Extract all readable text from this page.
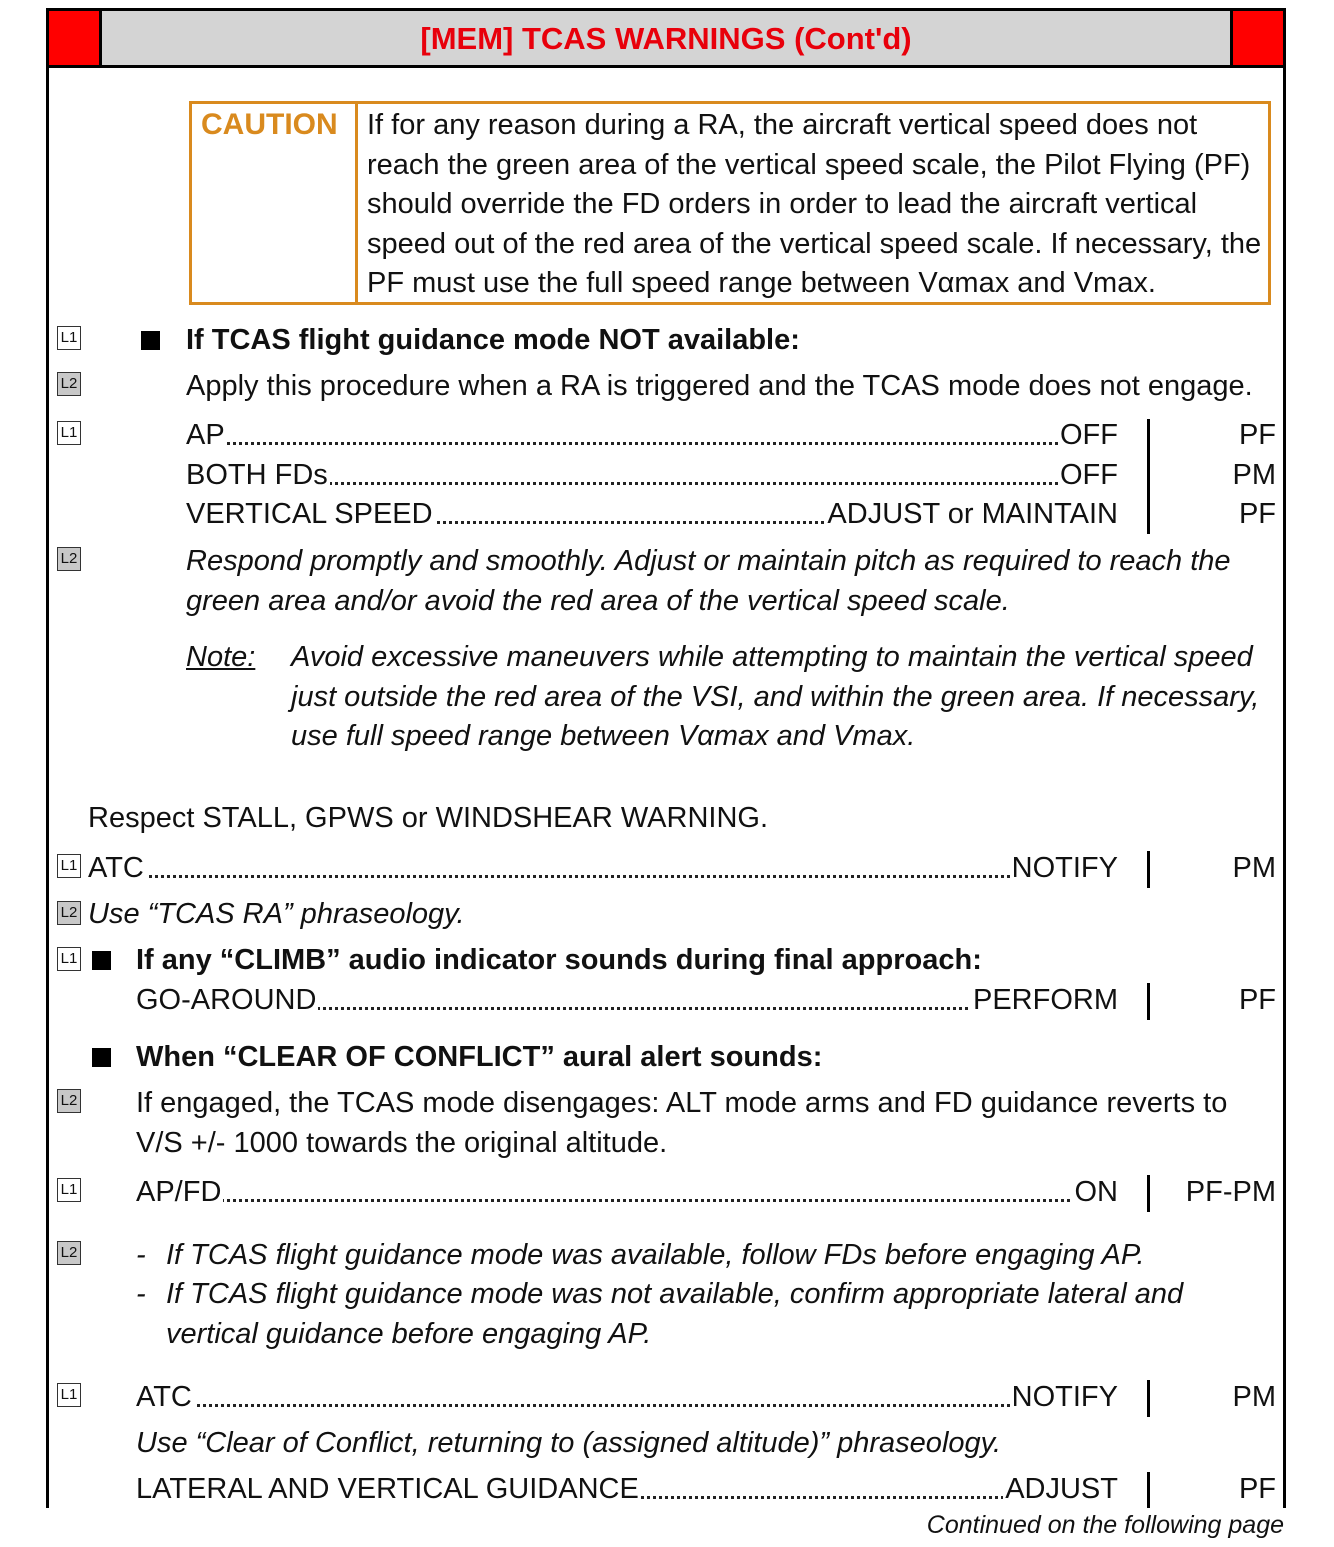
[MEM] TCAS WARNINGS (Cont'd)
CAUTION	If for any reason during a RA, the aircraft vertical speed does not reach the green area of the vertical speed scale, the Pilot Flying (PF) should override the FD orders in order to lead the aircraft vertical speed out of the red area of the vertical speed scale. If necessary, the PF must use the full speed range between Vαmax and Vmax.
L1	If TCAS flight guidance mode NOT available:
L2	Apply this procedure when a RA is triggered and the TCAS mode does not engage.
L1	AP	OFF	PF
BOTH FDs	OFF	PM
VERTICAL SPEED	ADJUST or MAINTAIN	PF
L2	Respond promptly and smoothly. Adjust or maintain pitch as required to reach the green area and/or avoid the red area of the vertical speed scale.
Note: Avoid excessive maneuvers while attempting to maintain the vertical speed just outside the red area of the VSI, and within the green area. If necessary, use full speed range between Vαmax and Vmax.
Respect STALL, GPWS or WINDSHEAR WARNING.
L1 ATC	NOTIFY	PM
L2 Use “TCAS RA” phraseology.
L1 If any “CLIMB” audio indicator sounds during final approach:
GO-AROUND	PERFORM	PF
When “CLEAR OF CONFLICT” aural alert sounds:
L2 If engaged, the TCAS mode disengages: ALT mode arms and FD guidance reverts to V/S +/- 1000 towards the original altitude.
L1 AP/FD	ON	PF-PM
L2 - If TCAS flight guidance mode was available, follow FDs before engaging AP.
- If TCAS flight guidance mode was not available, confirm appropriate lateral and vertical guidance before engaging AP.
L1 ATC	NOTIFY	PM
Use “Clear of Conflict, returning to (assigned altitude)” phraseology.
LATERAL AND VERTICAL GUIDANCE	ADJUST	PF
Continued on the following page
